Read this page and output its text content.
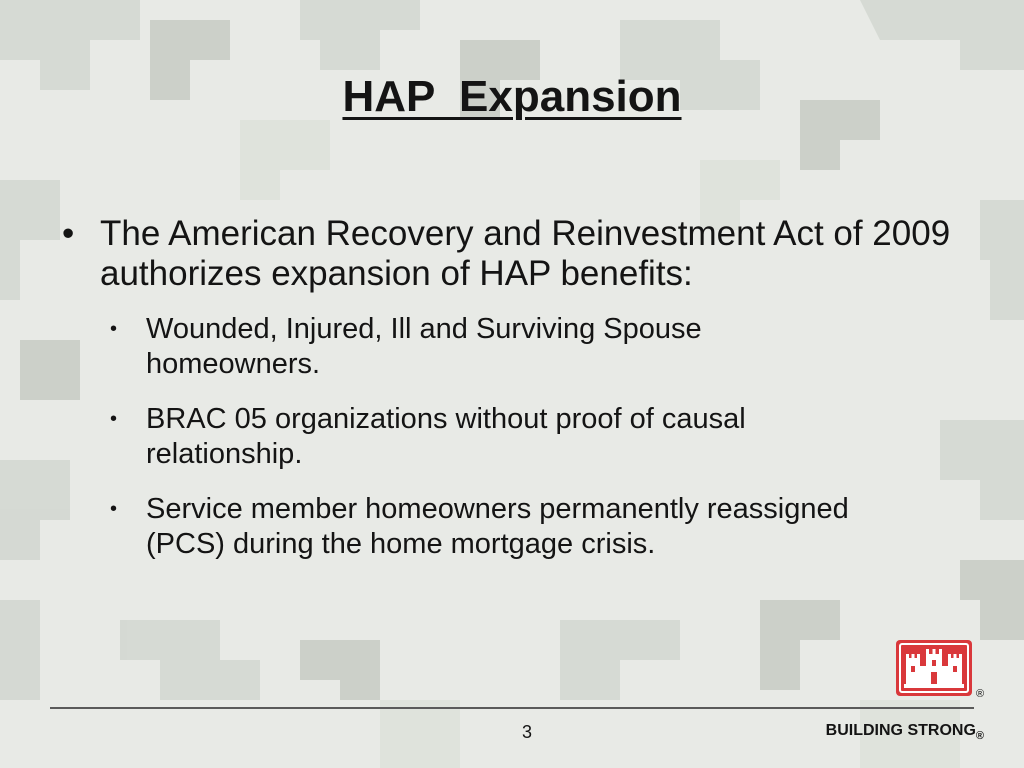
HAP  Expansion
• The American Recovery and Reinvestment Act of 2009 authorizes expansion of HAP benefits:
• Wounded, Injured, Ill and Surviving Spouse homeowners.
• BRAC 05 organizations without proof of causal relationship.
• Service member homeowners permanently reassigned (PCS) during the home mortgage crisis.
®
3	BUILDING $STRONG_®$
